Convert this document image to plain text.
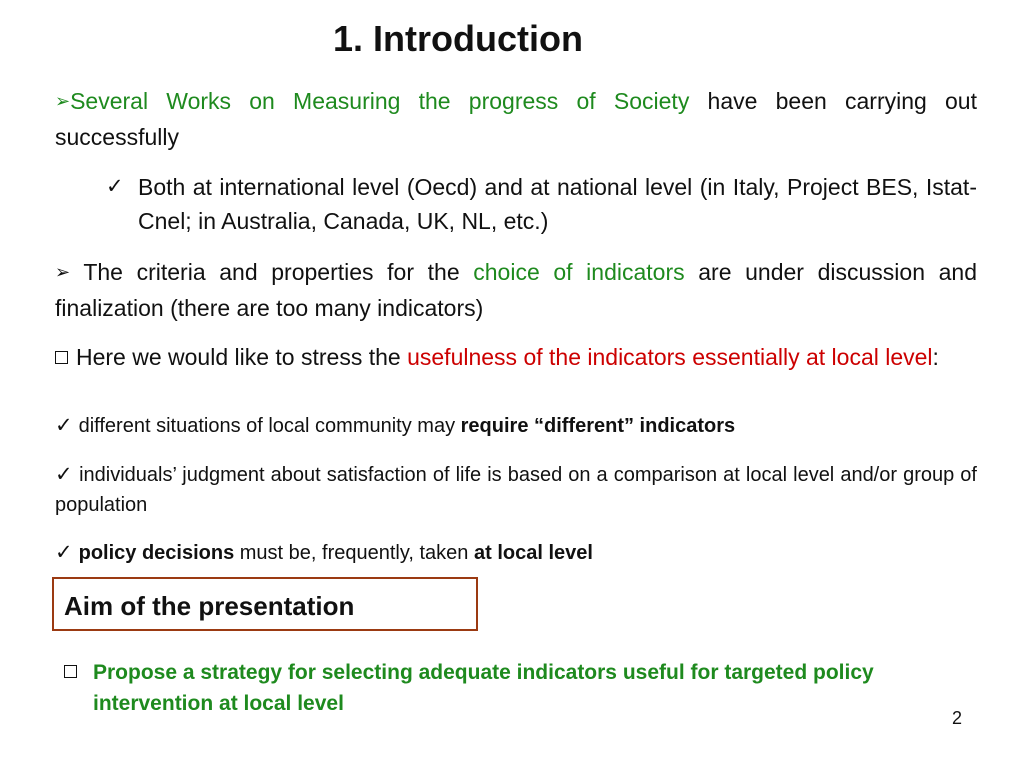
1. Introduction
➢Several Works on Measuring the progress of Society have been carrying out successfully
✓ Both at international level (Oecd) and at national level (in Italy, Project BES, Istat-Cnel; in Australia, Canada, UK, NL, etc.)
➢ The criteria and properties for the choice of indicators are under discussion and finalization (there are too many indicators)
Here we would like to stress the usefulness of the indicators essentially at local level:
✓ different situations of local community may require “different” indicators
✓ individuals’ judgment about satisfaction of life is based on a comparison at local level and/or group of population
✓ policy decisions must be, frequently, taken at local level
Aim of the presentation
Propose a strategy for selecting adequate indicators useful for targeted policy intervention at local level
2
